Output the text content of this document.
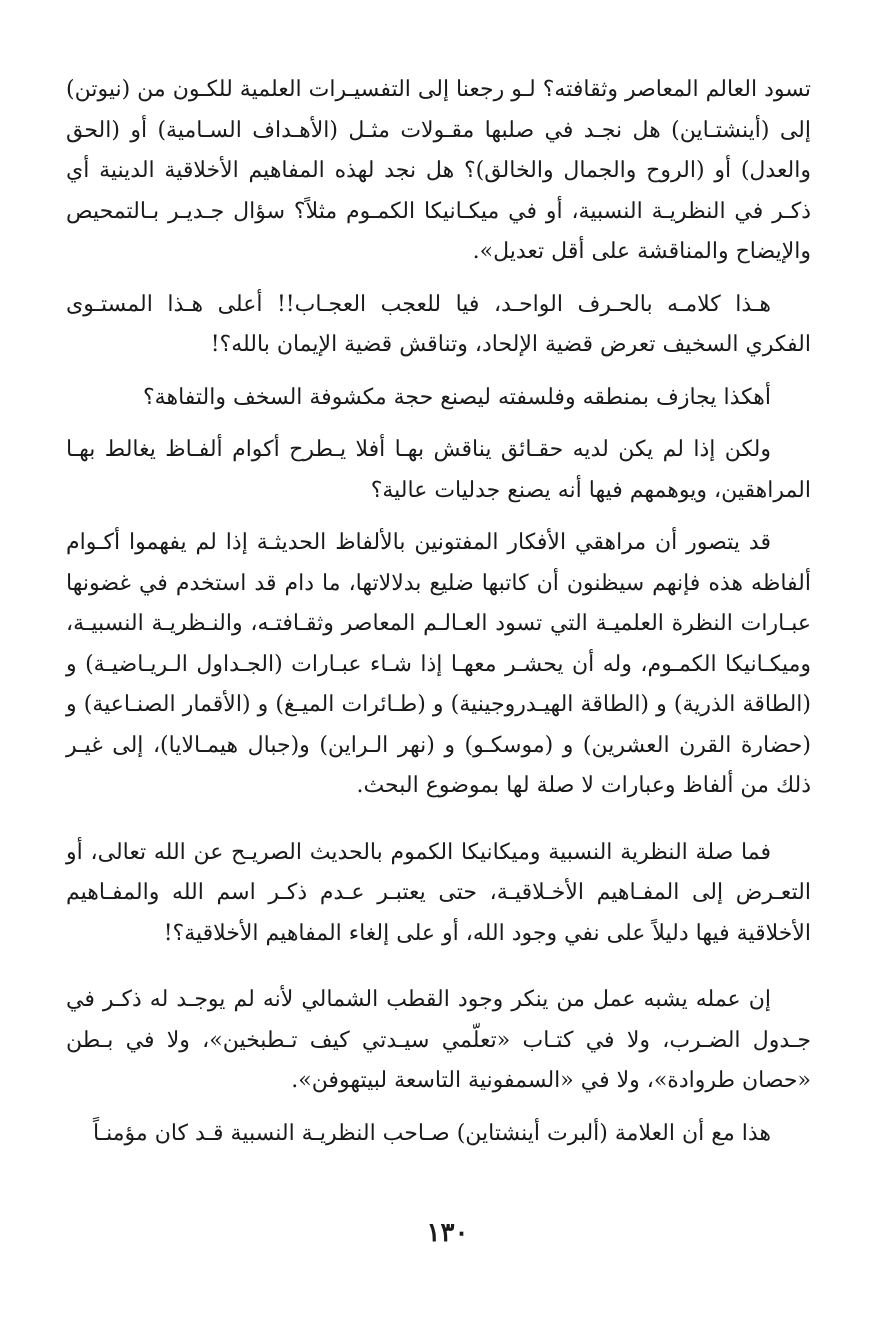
تسود العالم المعاصر وثقافته؟ لـو رجعنا إلى التفسيـرات العلمية للكـون من (نيوتن) إلى (أينشتـاين) هل نجـد في صلبها مقـولات مثـل (الأهـداف السـامية) أو (الحق والعدل) أو (الروح والجمال والخالق)؟ هل نجد لهذه المفاهيم الأخلاقية الدينية أي ذكـر في النظريـة النسبية، أو في ميكـانيكا الكمـوم مثلاً؟ سؤال جـديـر بـالتمحيص والإيضاح والمناقشة على أقل تعديل».

هـذا كلامـه بالحـرف الواحـد، فيا للعجب العجـاب!! أعلى هـذا المستـوى الفكري السخيف تعرض قضية الإلحاد، وتناقش قضية الإيمان بالله؟!

أهكذا يجازف بمنطقه وفلسفته ليصنع حجة مكشوفة السخف والتفاهة؟

ولكن إذا لم يكن لديه حقـائق يناقش بهـا أفلا يـطرح أكوام ألفـاظ يغالط بهـا المراهقين، ويوهمهم فيها أنه يصنع جدليات عالية؟

قد يتصور أن مراهقي الأفكار المفتونين بالألفاظ الحديثـة إذا لم يفهموا أكـوام ألفاظه هذه فإنهم سيظنون أن كاتبها ضليع بدلالاتها، ما دام قد استخدم في غضونها عبـارات النظرة العلميـة التي تسود العـالـم المعاصر وثقـافتـه، والنـظريـة النسبيـة، وميكـانيكا الكمـوم، وله أن يحشـر معهـا إذا شـاء عبـارات (الجـداول الـريـاضيـة) و (الطاقة الذرية) و (الطاقة الهيـدروجينية) و (طـائرات الميـغ) و (الأقمار الصنـاعية) و (حضارة القرن العشرين) و (موسكـو) و (نهر الـراين) و(جبال هيمـالايا)، إلى غيـر ذلك من ألفاظ وعبارات لا صلة لها بموضوع البحث.

فما صلة النظرية النسبية وميكانيكا الكموم بالحديث الصريـح عن الله تعالى، أو التعـرض إلى المفـاهيم الأخـلاقيـة، حتى يعتبـر عـدم ذكـر اسم الله والمفـاهيم الأخلاقية فيها دليلاً على نفي وجود الله، أو على إلغاء المفاهيم الأخلاقية؟!

إن عمله يشبه عمل من ينكر وجود القطب الشمالي لأنه لم يوجـد له ذكـر في جـدول الضـرب، ولا في كتـاب «تعلّمي سيـدتي كيف تـطبخين»، ولا في بـطن «حصان طروادة»، ولا في «السمفونية التاسعة لبيتهوفن».

هذا مع أن العلامة (ألبرت أينشتاين) صـاحب النظريـة النسبية قـد كان مؤمنـاً

١٣٠
